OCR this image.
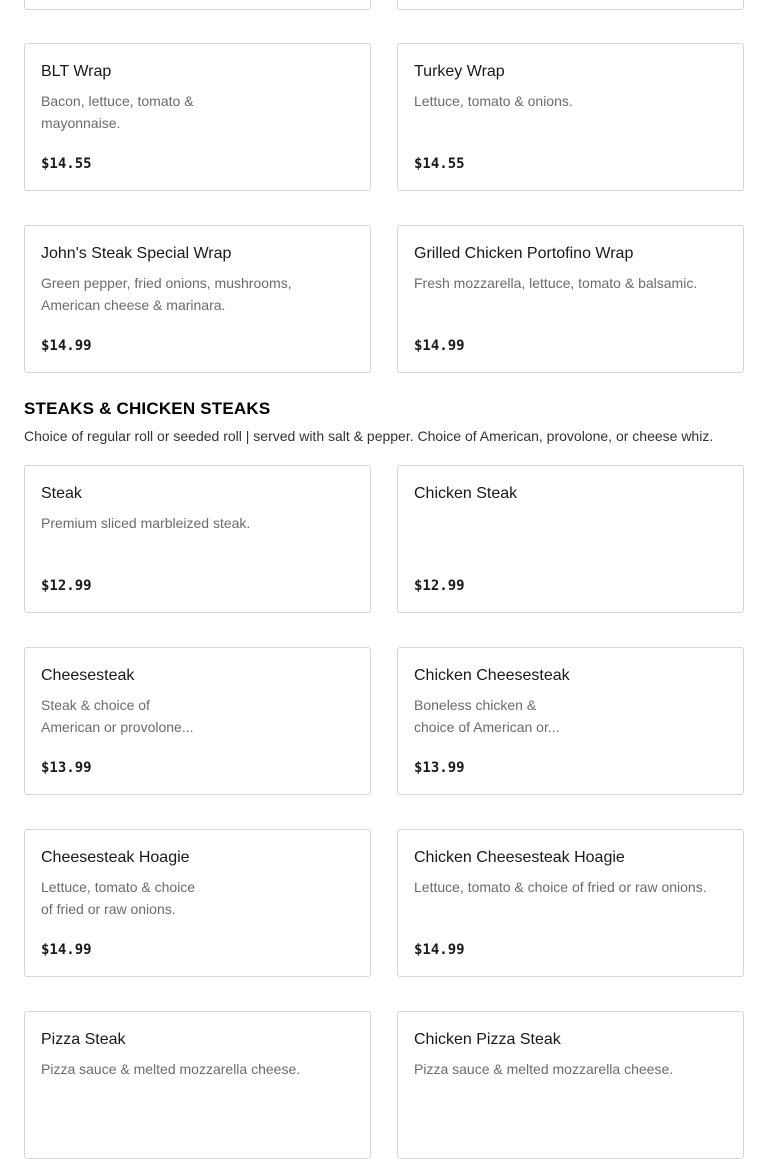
BLT Wrap
Bacon, lettuce, tomato &
mayonnaise.
$14.55
Turkey Wrap
Lettuce, tomato & onions.
$14.55
John's Steak Special Wrap
Green pepper, fried onions, mushrooms,
American cheese & marinara.
$14.99
Grilled Chicken Portofino Wrap
Fresh mozzarella, lettuce, tomato & balsamic.
$14.99
STEAKS & CHICKEN STEAKS
Choice of regular roll or seeded roll | served with salt & pepper. Choice of American, provolone, or cheese whiz.
Steak
Premium sliced marbleized steak.
$12.99
Chicken Steak
$12.99
Cheesesteak
Steak & choice of
American or provolone...
$13.99
Chicken Cheesesteak
Boneless chicken &
choice of American or...
$13.99
Cheesesteak Hoagie
Lettuce, tomato & choice
of fried or raw onions.
$14.99
Chicken Cheesesteak Hoagie
Lettuce, tomato & choice of fried or raw onions.
$14.99
Pizza Steak
Pizza sauce & melted mozzarella cheese.
Chicken Pizza Steak
Pizza sauce & melted mozzarella cheese.
